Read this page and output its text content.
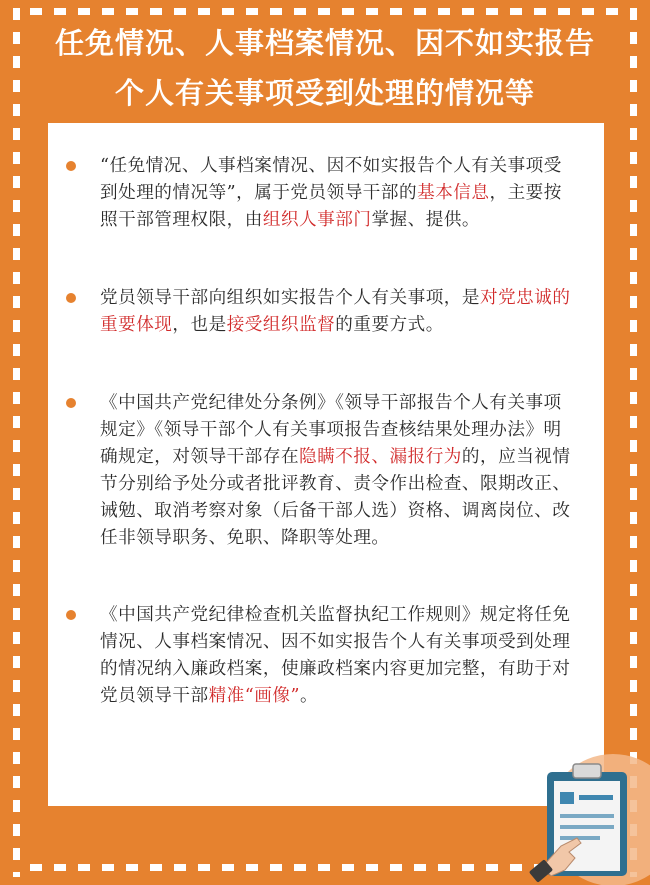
任免情况、人事档案情况、因不如实报告
个人有关事项受到处理的情况等
“任免情况、人事档案情况、因不如实报告个人有关事项受到处理的情况等”，属于党员领导干部的基本信息，主要按照干部管理权限，由组织人事部门掌握、提供。
党员领导干部向组织如实报告个人有关事项，是对党忠诚的重要体现，也是接受组织监督的重要方式。
《中国共产党纪律处分条例》《领导干部报告个人有关事项规定》《领导干部个人有关事项报告查核结果处理办法》明确规定，对领导干部存在隐瞒不报、漏报行为的，应当视情节分别给予处分或者批评教育、责令作出检查、限期改正、诫勉、取消考察对象（后备干部人选）资格、调离岗位、改任非领导职务、免职、降职等处理。
《中国共产党纪律检查机关监督执纪工作规则》规定将任免情况、人事档案情况、因不如实报告个人有关事项受到处理的情况纳入廉政档案，使廉政档案内容更加完整，有助于对党员领导干部精准“画像”。
